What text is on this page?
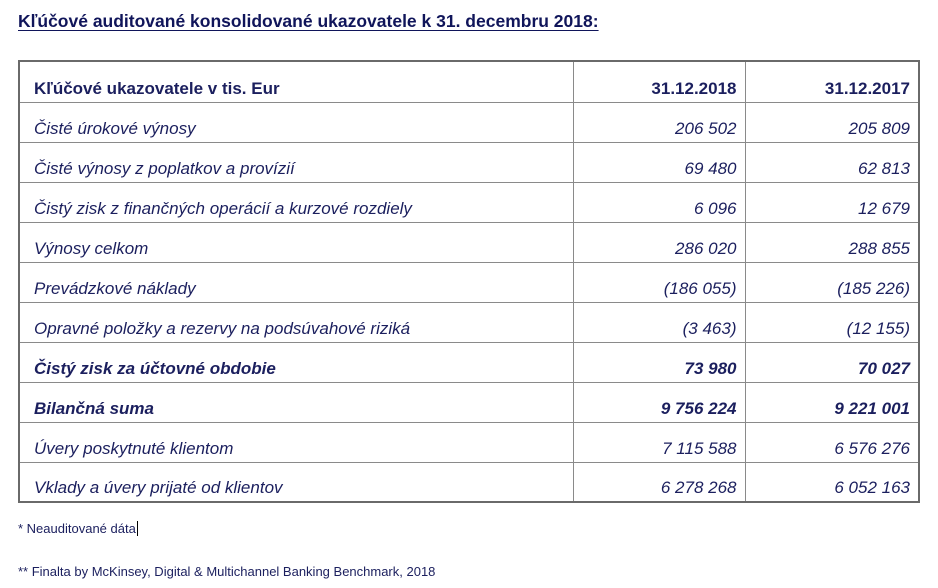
Kľúčové auditované konsolidované ukazovatele k 31. decembru 2018:
Kľúčové ukazovatele v tis. Eur	31.12.2018	31.12.2017
Čisté úrokové výnosy	206 502	205 809
Čisté výnosy z poplatkov a provízií	69 480	62 813
Čistý zisk z finančných operácií a kurzové rozdiely	6 096	12 679
Výnosy celkom	286 020	288 855
Prevádzkové náklady	(186 055)	(185 226)
Opravné položky a rezervy na podsúvahové riziká	(3 463)	(12 155)
Čistý zisk za účtovné obdobie	73 980	70 027
Bilančná suma	9 756 224	9 221 001
Úvery poskytnuté klientom	7 115 588	6 576 276
Vklady a úvery prijaté od klientov	6 278 268	6 052 163
* Neauditované dáta
** Finalta by McKinsey, Digital & Multichannel Banking Benchmark, 2018
